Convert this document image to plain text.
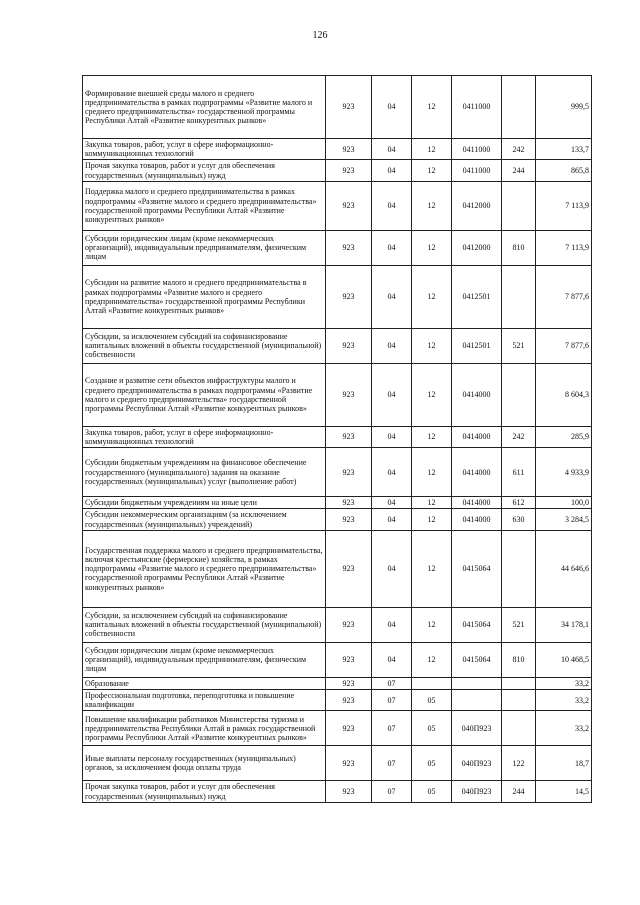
126
Формирование внешней среды малого и среднего предпринимательства в рамках подпрограммы «Развитие малого и среднего предпринимательства» государственной программы Республики Алтай «Развитие конкурентных рынков»	923	04	12	0411000		999,5
Закупка товаров, работ, услуг в сфере информационно-коммуникационных технологий	923	04	12	0411000	242	133,7
Прочая закупка товаров, работ и услуг для обеспечения государственных (муниципальных) нужд	923	04	12	0411000	244	865,8
Поддержка малого и среднего предпринимательства в рамках подпрограммы «Развитие малого и среднего предпринимательства» государственной программы Республики Алтай «Развитие конкурентных рынков»	923	04	12	0412000		7 113,9
Субсидии юридическим лицам (кроме некоммерческих организаций), индивидуальным предпринимателям, физическим лицам	923	04	12	0412000	810	7 113,9
Субсидии на развитие малого и среднего предпринимательства в рамках подпрограммы «Развитие малого и среднего предпринимательства» государственной программы Республики Алтай «Развитие конкурентных рынков»	923	04	12	0412501		7 877,6
Субсидии, за исключением субсидий на софинансирование капитальных вложений в объекты государственной (муниципальной) собственности	923	04	12	0412501	521	7 877,6
Создание и развитие сети объектов инфраструктуры малого и среднего предпринимательства в рамках подпрограммы «Развитие малого и среднего предпринимательства» государственной программы Республики Алтай «Развитие конкурентных рынков»	923	04	12	0414000		8 604,3
Закупка товаров, работ, услуг в сфере информационно-коммуникационных технологий	923	04	12	0414000	242	285,9
Субсидии бюджетным учреждениям на финансовое обеспечение государственного (муниципального) задания на оказание государственных (муниципальных) услуг (выполнение работ)	923	04	12	0414000	611	4 933,9
Субсидии бюджетным учреждениям на иные цели	923	04	12	0414000	612	100,0
Субсидии некоммерческим организациям (за исключением государственных (муниципальных) учреждений)	923	04	12	0414000	630	3 284,5
Государственная поддержка малого и среднего предпринимательства, включая крестьянские (фермерские) хозяйства, в рамках подпрограммы «Развитие малого и среднего предпринимательства» государственной программы Республики Алтай «Развитие конкурентных рынков»	923	04	12	0415064		44 646,6
Субсидии, за исключением субсидий на софинансирование капитальных вложений в объекты государственной (муниципальной) собственности	923	04	12	0415064	521	34 178,1
Субсидии юридическим лицам (кроме некоммерческих организаций), индивидуальным предпринимателям, физическим лицам	923	04	12	0415064	810	10 468,5
Образование	923	07				33,2
Профессиональная подготовка, переподготовка и повышение квалификации	923	07	05			33,2
Повышение квалификации работников Министерства туризма и предпринимательства Республики Алтай в рамках государственной программы Республики Алтай «Развитие конкурентных рынков»	923	07	05	040П923		33,2
Иные выплаты персоналу государственных (муниципальных) органов, за исключением фонда оплаты труда	923	07	05	040П923	122	18,7
Прочая закупка товаров, работ и услуг для обеспечения государственных (муниципальных) нужд	923	07	05	040П923	244	14,5
